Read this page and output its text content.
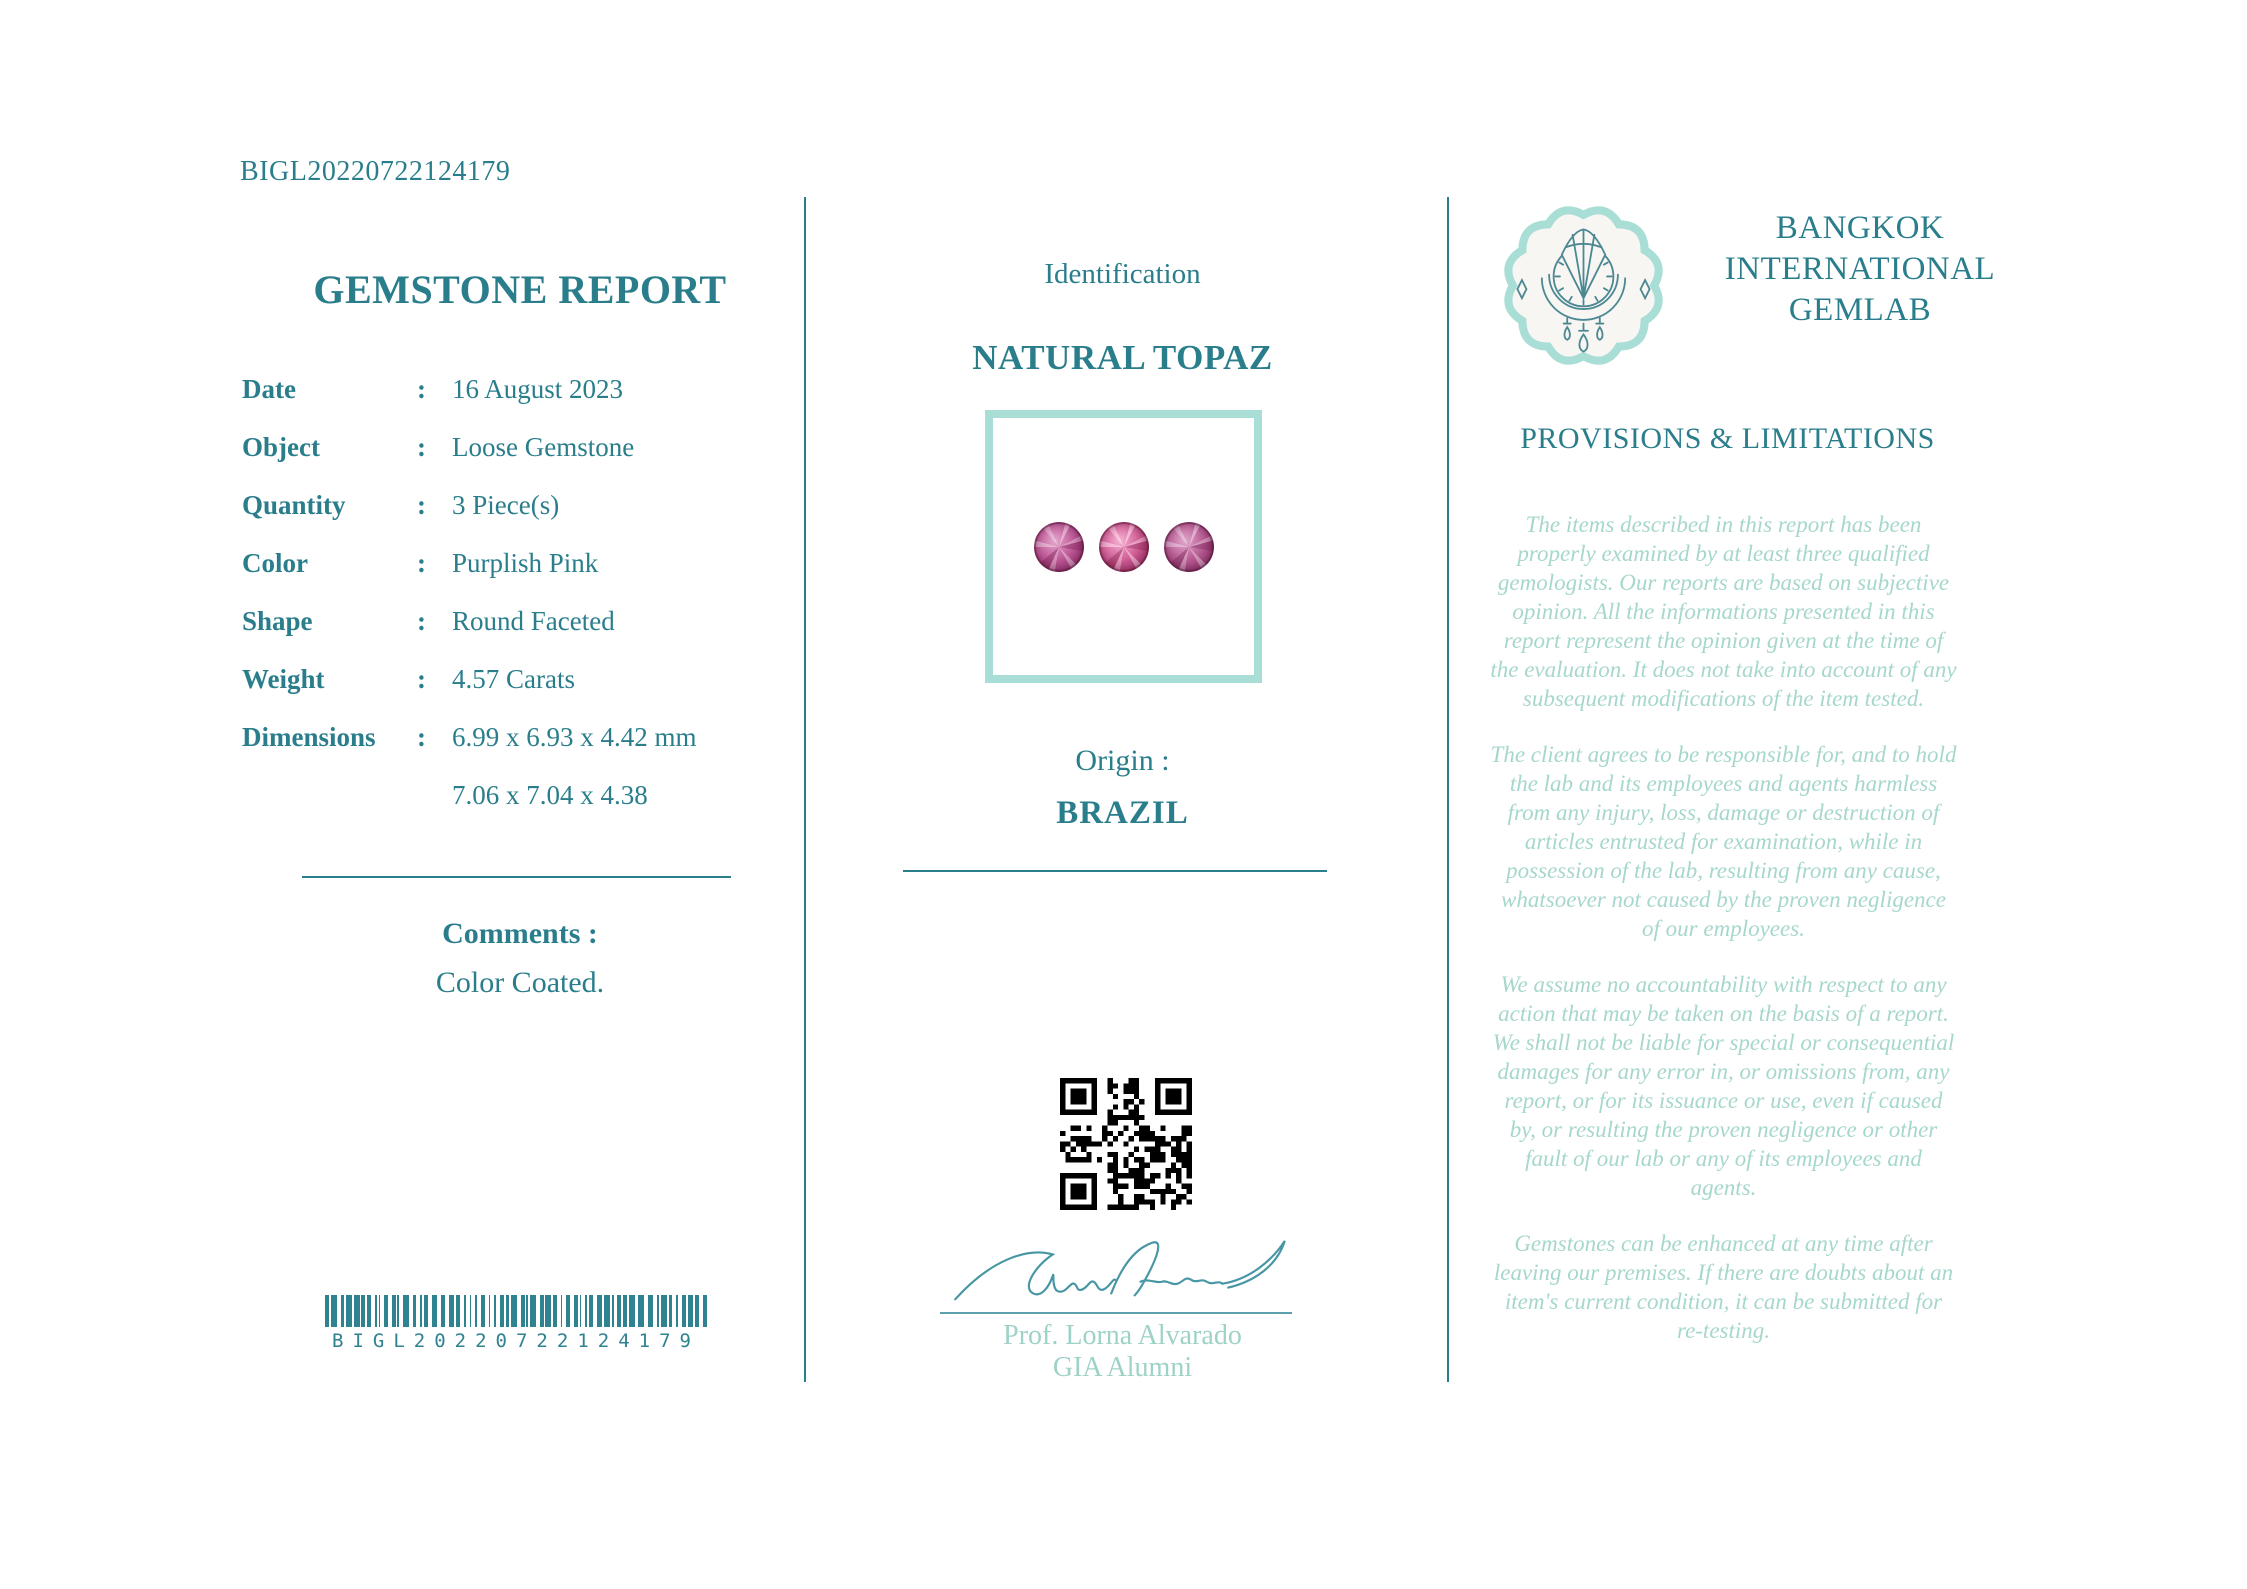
BIGL20220722124179
GEMSTONE REPORT
Date	: 16 August 2023
Object	: Loose Gemstone
Quantity	: 3 Piece(s)
Color	: Purplish Pink
Shape	: Round Faceted
Weight	: 4.57 Carats
Dimensions	: 6.99 x 6.93 x 4.42 mm
7.06 x 7.04 x 4.38
Comments :
Color Coated.
BIGL20220722124179
Identification
NATURAL TOPAZ
Origin :
BRAZIL
Prof. Lorna Alvarado
GIA Alumni
BANGKOK
INTERNATIONAL
GEMLAB
PROVISIONS & LIMITATIONS

The items described in this report has been properly examined by at least three qualified gemologists. Our reports are based on subjective opinion. All the informations presented in this report represent the opinion given at the time of the evaluation. It does not take into account of any subsequent modifications of the item tested.

The client agrees to be responsible for, and to hold the lab and its employees and agents harmless from any injury, loss, damage or destruction of articles entrusted for examination, while in possession of the lab, resulting from any cause, whatsoever not caused by the proven negligence of our employees.

We assume no accountability with respect to any action that may be taken on the basis of a report. We shall not be liable for special or consequential damages for any error in, or omissions from, any report, or for its issuance or use, even if caused by, or resulting the proven negligence or other fault of our lab or any of its employees and agents.

Gemstones can be enhanced at any time after leaving our premises. If there are doubts about an item's current condition, it can be submitted for re-testing.
